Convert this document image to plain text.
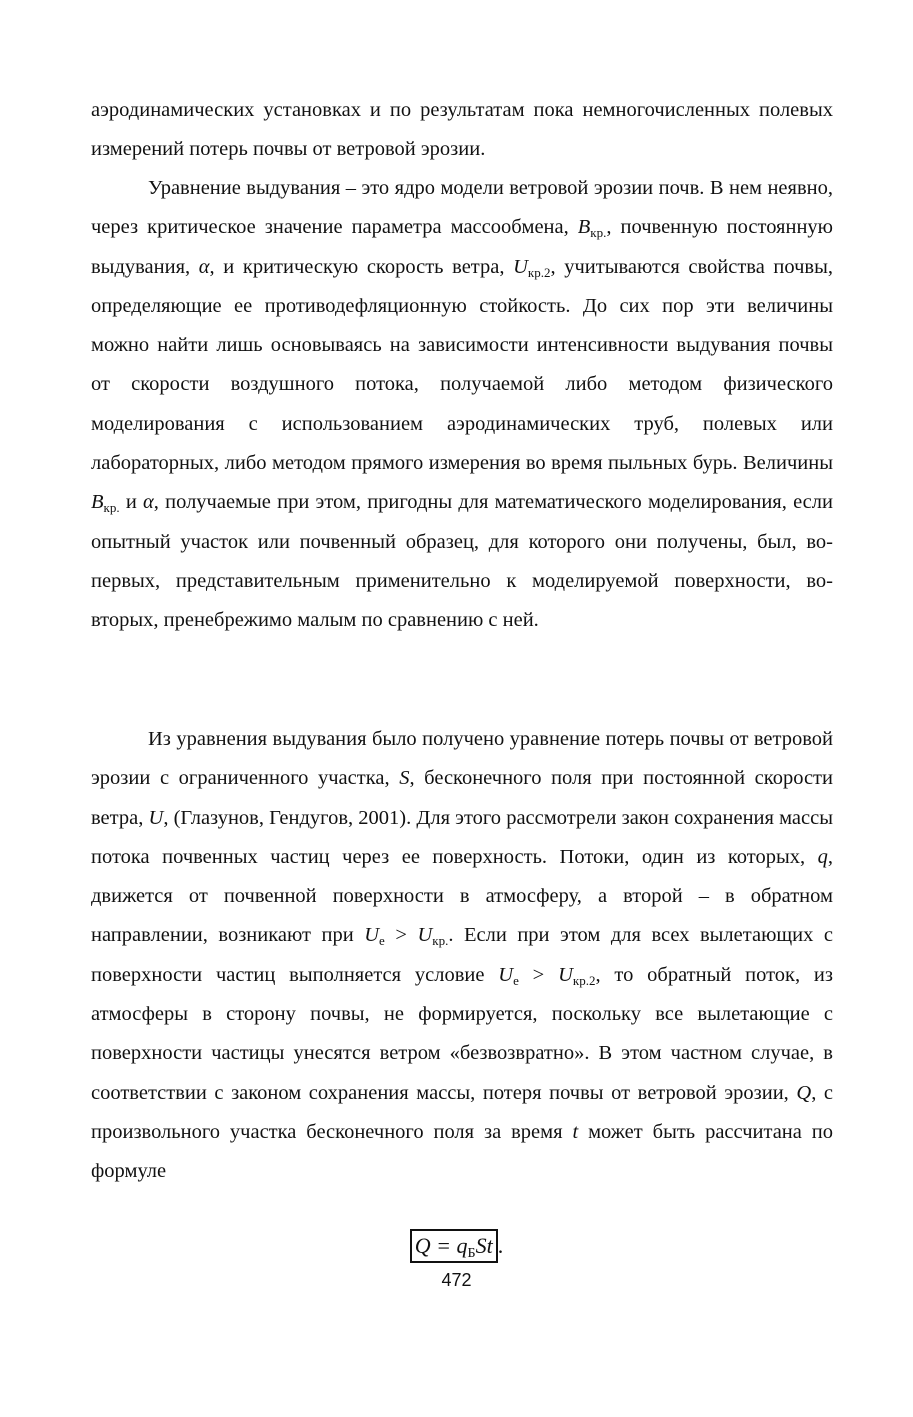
аэродинамических установках и по результатам пока немногочисленных полевых измерений потерь почвы от ветровой эрозии.

Уравнение выдувания – это ядро модели ветровой эрозии почв. В нем неявно, через критическое значение параметра массообмена, $B_{кр.}$, почвенную постоянную выдувания, α, и критическую скорость ветра, $U_{кр.2}$, учитываются свойства почвы, определяющие ее противодефляционную стойкость. До сих пор эти величины можно найти лишь основываясь на зависимости интенсивности выдувания почвы от скорости воздушного потока, получаемой либо методом физического моделирования с использованием аэродинамических труб, полевых или лабораторных, либо методом прямого измерения во время пыльных бурь. Величины $B_{кр.}$ и α, получаемые при этом, пригодны для математического моделирования, если опытный участок или почвенный образец, для которого они получены, был, во-первых, представительным применительно к моделируемой поверхности, во-вторых, пренебрежимо малым по сравнению с ней.

Из уравнения выдувания было получено уравнение потерь почвы от ветровой эрозии с ограниченного участка, S, бесконечного поля при постоянной скорости ветра, U, (Глазунов, Гендугов, 2001). Для этого рассмотрели закон сохранения массы потока почвенных частиц через ее поверхность. Потоки, один из которых, q, движется от почвенной поверхности в атмосферу, а второй – в обратном направлении, возникают при $U_e > U_{кр.}$. Если при этом для всех вылетающих с поверхности частиц выполняется условие $U_e > U_{кр.2}$, то обратный поток, из атмосферы в сторону почвы, не формируется, поскольку все вылетающие с поверхности частицы унесятся ветром «безвозвратно». В этом частном случае, в соответствии с законом сохранения массы, потеря почвы от ветровой эрозии, Q, с произвольного участка бесконечного поля за время t может быть рассчитана по формуле

$Q = q_БSt$ .
472
